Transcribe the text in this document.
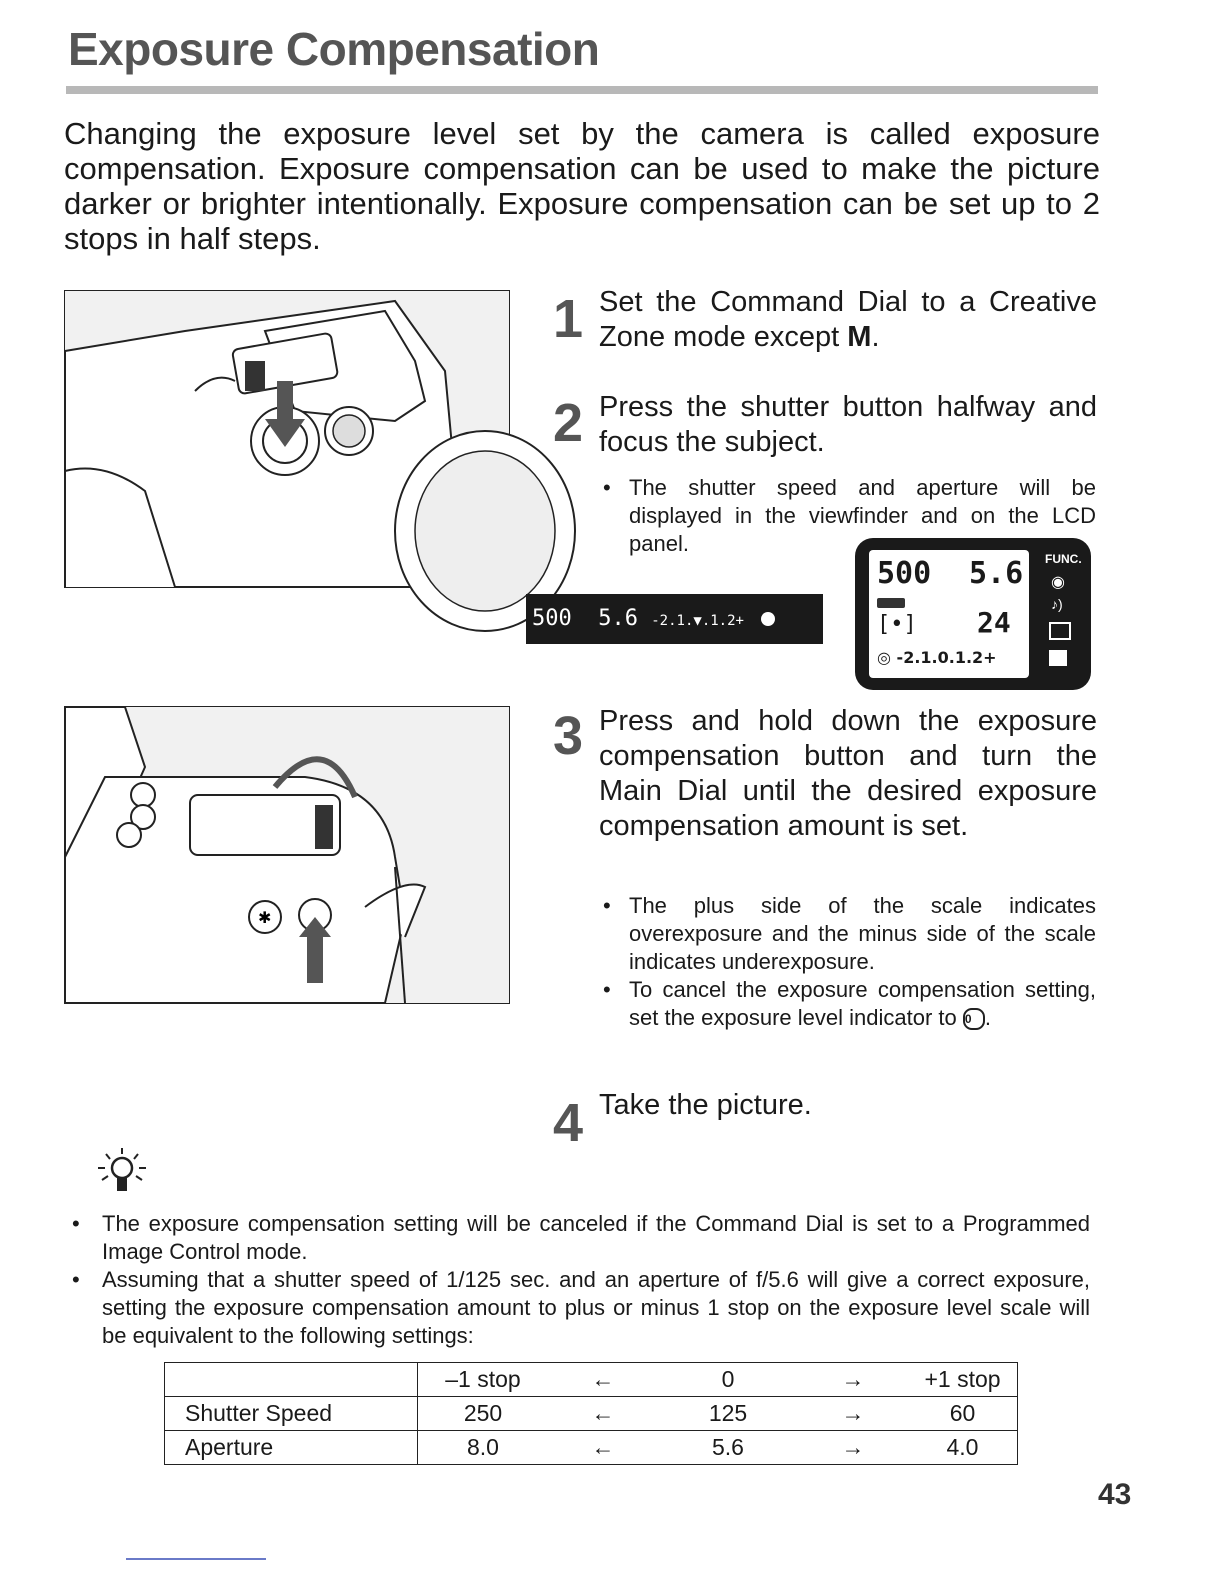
Exposure Compensation
Changing the exposure level set by the camera is called exposure compensation. Exposure compensation can be used to make the picture darker or brighter intentionally. Exposure compensation can be set up to 2 stops in half steps.
1 Set the Command Dial to a Creative Zone mode except M.
2 Press the shutter button halfway and focus the subject.
• The shutter speed and aperture will be displayed in the viewfinder and on the LCD panel.
500 5.6 -2.1.▼.1.2+
500 5.6
[•] 24
◎ -2.1.0.1.2+
FUNC.
◉
♪)
✱
3 Press and hold down the exposure compensation button and turn the Main Dial until the desired exposure compensation amount is set.
• The plus side of the scale indicates overexposure and the minus side of the scale indicates underexposure.
• To cancel the exposure compensation setting, set the exposure level indicator to 0 .
4 Take the picture.
• The exposure compensation setting will be canceled if the Command Dial is set to a Programmed Image Control mode.
• Assuming that a shutter speed of 1/125 sec. and an aperture of f/5.6 will give a correct exposure, setting the exposure compensation amount to plus or minus 1 stop on the exposure level scale will be equivalent to the following settings:
	–1 stop	←	0	→	+1 stop
Shutter Speed	250	←	125	→	60
Aperture	8.0	←	5.6	→	4.0
43
